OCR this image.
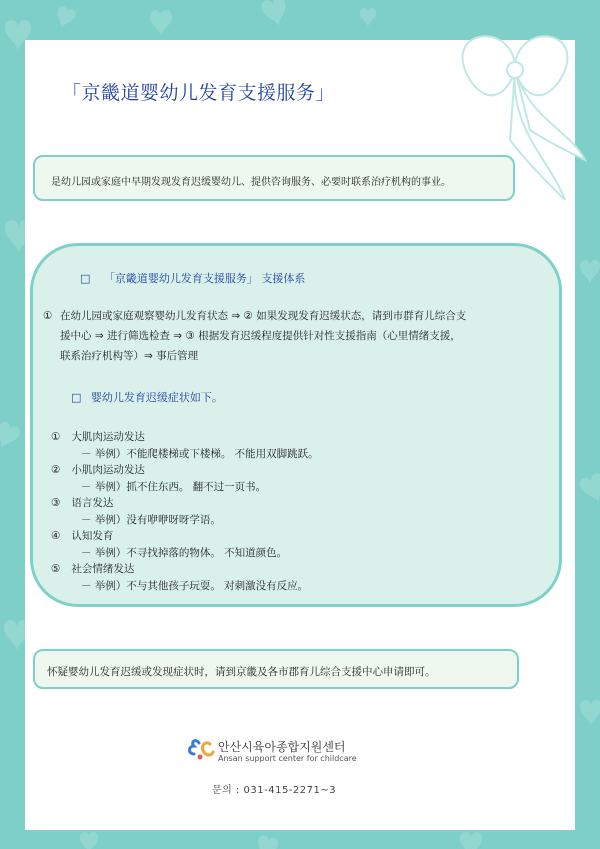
「京畿道婴幼儿发育支援服务」
是幼儿园或家庭中早期发现发育迟缓婴幼儿、提供咨询服务、必要时联系治疗机构的事业。
□ 「京畿道婴幼儿发育支援服务」 支援体系
① 在幼儿园或家庭观察婴幼儿发育状态 ⇒ ② 如果发现发育迟缓状态，请到市群育儿综合支
援中心 ⇒ 进行筛选检查 ⇒ ③ 根据发育迟缓程度提供针对性支援指南（心里情绪支援，
联系治疗机构等）⇒ 事后管理
□ 婴幼儿发育迟缓症状如下。
① 大肌肉运动发达
－ 举例）不能爬楼梯或下楼梯。 不能用双脚跳跃。
② 小肌肉运动发达
－ 举例）抓不住东西。 翻不过一页书。
③ 语言发达
－ 举例）没有咿咿呀呀学语。
④ 认知发育
－ 举例）不寻找掉落的物体。 不知道颜色。
⑤ 社会情绪发达
－ 举例）不与其他孩子玩耍。 对刺激没有反应。
怀疑婴幼儿发育迟缓或发现症状时，请到京畿及各市郡育儿综合支援中心申请即可。
안산시육아종합지원센터
Ansan support center for childcare
문의 : 031-415-2271~3
